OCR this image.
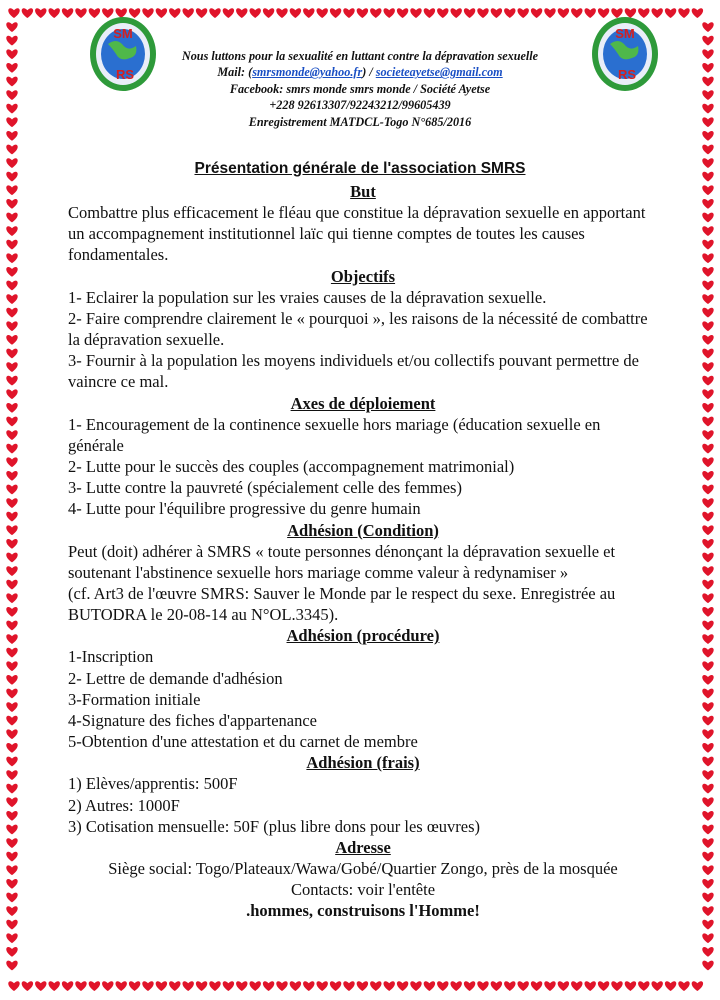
SM
RS
SM
RS
Nous luttons pour la sexualité en luttant contre la dépravation sexuelle
Mail: (smrsmonde@yahoo.fr) / societeayetse@gmail.com
Facebook: smrs monde smrs monde / Société Ayetse
+228 92613307/92243212/99605439
Enregistrement MATDCL-Togo N°685/2016
Présentation générale de l'association SMRS

But

Combattre plus efficacement le fléau que constitue la dépravation sexuelle en apportant un accompagnement institutionnel laïc qui tienne comptes de toutes les causes fondamentales.

Objectifs

1- Eclairer la population sur les vraies causes de la dépravation sexuelle.

2- Faire comprendre clairement le « pourquoi », les raisons de la nécessité de combattre la dépravation sexuelle.

3- Fournir à la population les moyens individuels et/ou collectifs pouvant permettre de vaincre ce mal.

Axes de déploiement

1- Encouragement de la continence sexuelle hors mariage (éducation sexuelle en générale

2- Lutte pour le succès des couples (accompagnement matrimonial)

3- Lutte contre la pauvreté (spécialement celle des femmes)

4- Lutte pour l'équilibre progressive du genre humain

Adhésion (Condition)

Peut (doit) adhérer à SMRS « toute personnes dénonçant la dépravation sexuelle et soutenant l'abstinence sexuelle hors mariage comme valeur à redynamiser »

(cf. Art3 de l'œuvre SMRS: Sauver le Monde par le respect du sexe. Enregistrée au BUTODRA le 20-08-14 au N°OL.3345).

Adhésion (procédure)

1-Inscription

2- Lettre de demande d'adhésion

3-Formation initiale

4-Signature des fiches d'appartenance

5-Obtention d'une attestation et du carnet de membre

Adhésion (frais)

1) Elèves/apprentis: 500F

2) Autres: 1000F

3) Cotisation mensuelle: 50F (plus libre dons pour les œuvres)

Adresse

Siège social: Togo/Plateaux/Wawa/Gobé/Quartier Zongo, près de la mosquée

Contacts: voir l'entête

.hommes, construisons l'Homme!
